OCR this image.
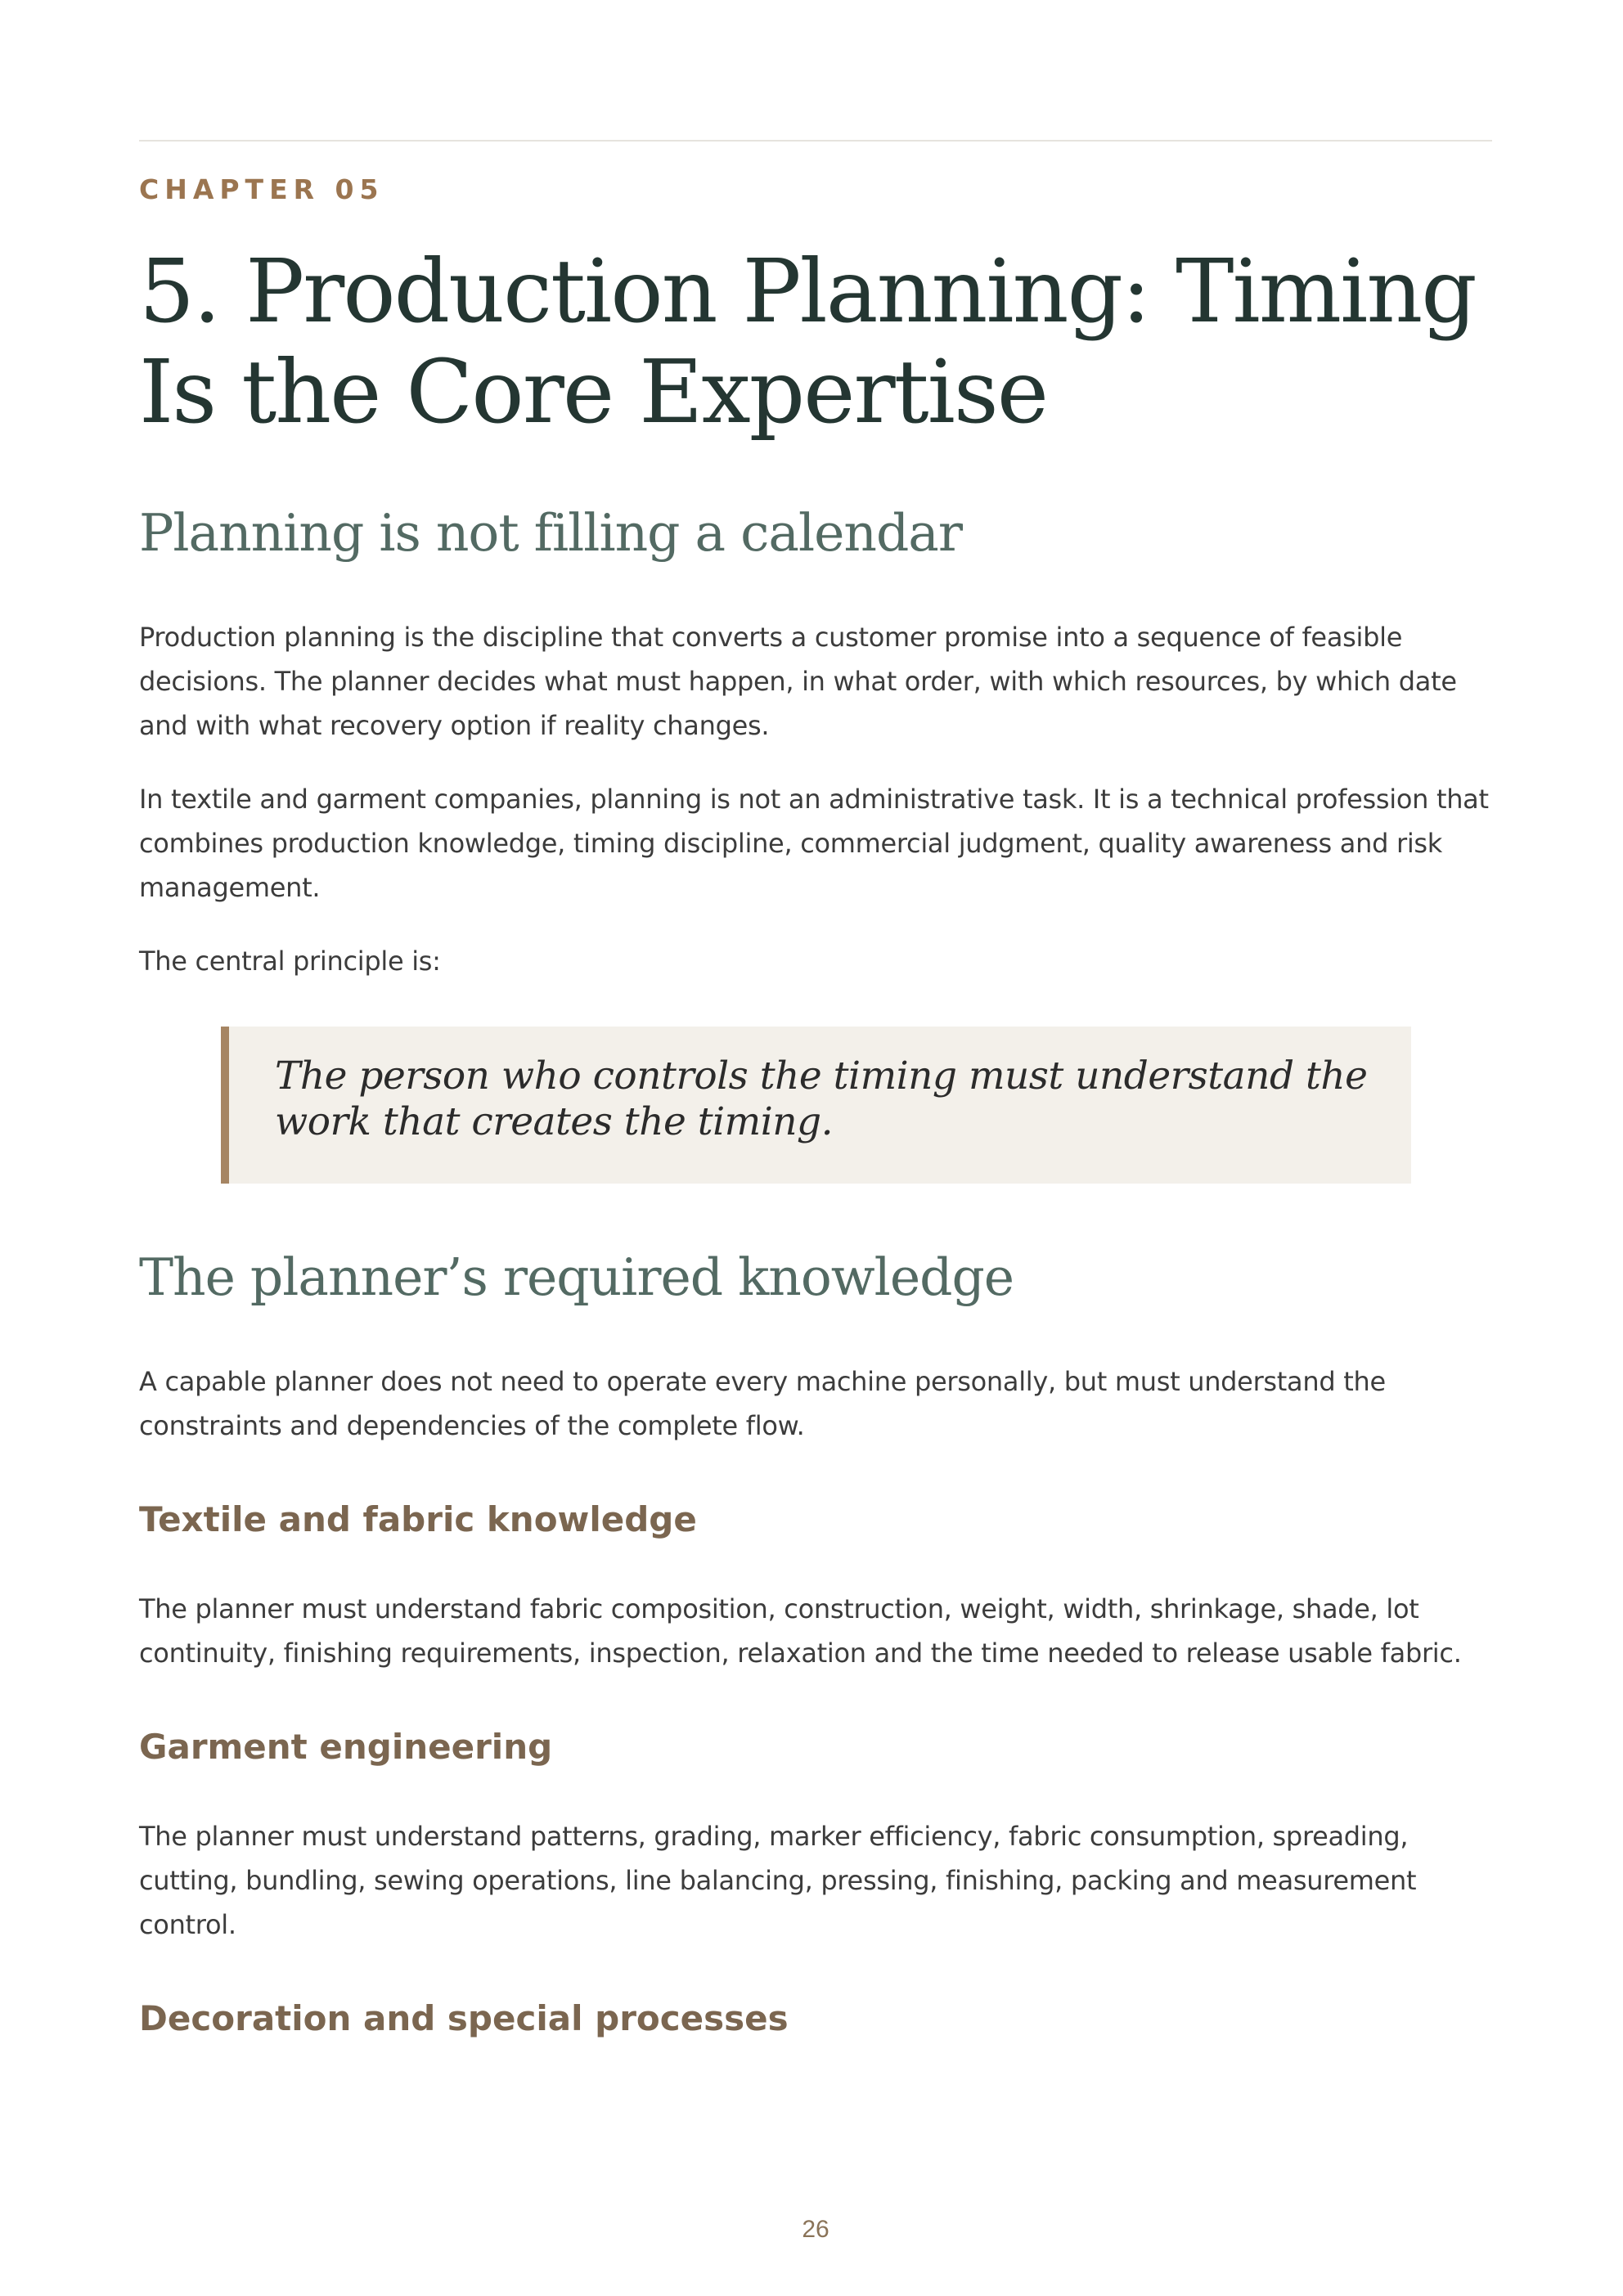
CHAPTER 05
5. Production Planning: Timing Is the Core Expertise
Planning is not filling a calendar

Production planning is the discipline that converts a customer promise into a sequence of feasible decisions. The planner decides what must happen, in what order, with which resources, by which date and with what recovery option if reality changes.

In textile and garment companies, planning is not an administrative task. It is a technical profession that combines production knowledge, timing discipline, commercial judgment, quality awareness and risk management.

The central principle is:

The person who controls the timing must understand the work that creates the timing.

The planner’s required knowledge

A capable planner does not need to operate every machine personally, but must understand the constraints and dependencies of the complete flow.

Textile and fabric knowledge

The planner must understand fabric composition, construction, weight, width, shrinkage, shade, lot continuity, finishing requirements, inspection, relaxation and the time needed to release usable fabric.

Garment engineering

The planner must understand patterns, grading, marker efficiency, fabric consumption, spreading, cutting, bundling, sewing operations, line balancing, pressing, finishing, packing and measurement control.

Decoration and special processes
26
